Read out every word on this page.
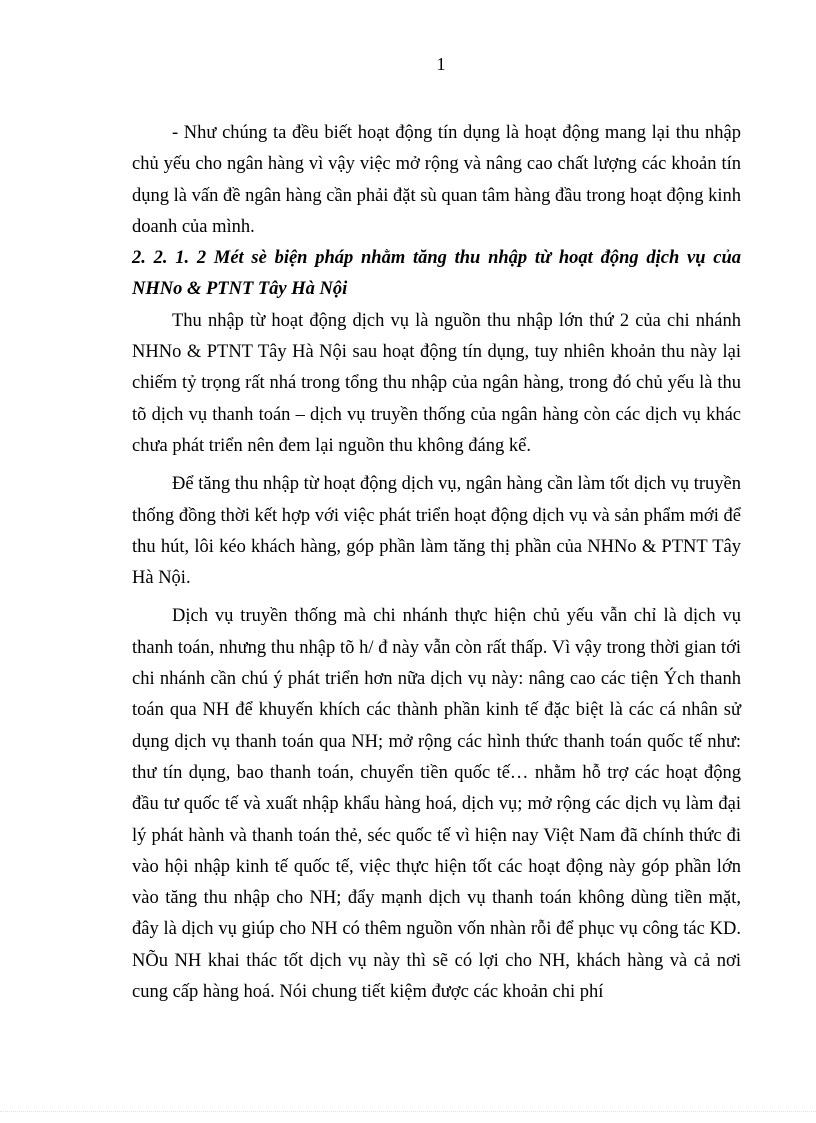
1

- Như chúng ta đều biết hoạt động tín dụng là hoạt động mang lại thu nhập chủ yếu cho ngân hàng vì vậy việc mở rộng và nâng cao chất lượng các khoản tín dụng là vấn đề ngân hàng cần phải đặt sù quan tâm hàng đầu trong hoạt động kinh doanh của mình.

2. 2. 1. 2 Mét sè biện pháp nhằm tăng thu nhập từ hoạt động dịch vụ của NHNo & PTNT Tây Hà Nội

Thu nhập từ hoạt động dịch vụ là nguồn thu nhập lớn thứ 2 của chi nhánh NHNo & PTNT Tây Hà Nội sau hoạt động tín dụng, tuy nhiên khoản thu này lại chiếm tỷ trọng rất nhá trong tổng thu nhập của ngân hàng, trong đó chủ yếu là thu tõ dịch vụ thanh toán – dịch vụ truyền thống của ngân hàng còn các dịch vụ khác chưa phát triển nên đem lại nguồn thu không đáng kể.

Để tăng thu nhập từ hoạt động dịch vụ, ngân hàng cần làm tốt dịch vụ truyền thống đồng thời kết hợp với việc phát triển hoạt động dịch vụ và sản phẩm mới để thu hút, lôi kéo khách hàng, góp phần làm tăng thị phần của NHNo & PTNT Tây Hà Nội.

Dịch vụ truyền thống mà chi nhánh thực hiện chủ yếu vẫn chỉ là dịch vụ thanh toán, nhưng thu nhập tõ h/ đ này vẫn còn rất thấp. Vì vậy trong thời gian tới chi nhánh cần chú ý phát triển hơn nữa dịch vụ này: nâng cao các tiện Ých thanh toán qua NH để khuyến khích các thành phần kinh tế đặc biệt là các cá nhân sử dụng dịch vụ thanh toán qua NH; mở rộng các hình thức thanh toán quốc tế như: thư tín dụng, bao thanh toán, chuyển tiền quốc tế… nhằm hỗ trợ các hoạt động đầu tư quốc tế và xuất nhập khẩu hàng hoá, dịch vụ; mở rộng các dịch vụ làm đại lý phát hành và thanh toán thẻ, séc quốc tế vì hiện nay Việt Nam đã chính thức đi vào hội nhập kinh tế quốc tế, việc thực hiện tốt các hoạt động này góp phần lớn vào tăng thu nhập cho NH; đẩy mạnh dịch vụ thanh toán không dùng tiền mặt, đây là dịch vụ giúp cho NH có thêm nguồn vốn nhàn rỗi để phục vụ công tác KD. NÕu NH khai thác tốt dịch vụ này thì sẽ có lợi cho NH, khách hàng và cả nơi cung cấp hàng hoá. Nói chung tiết kiệm được các khoản chi phí
